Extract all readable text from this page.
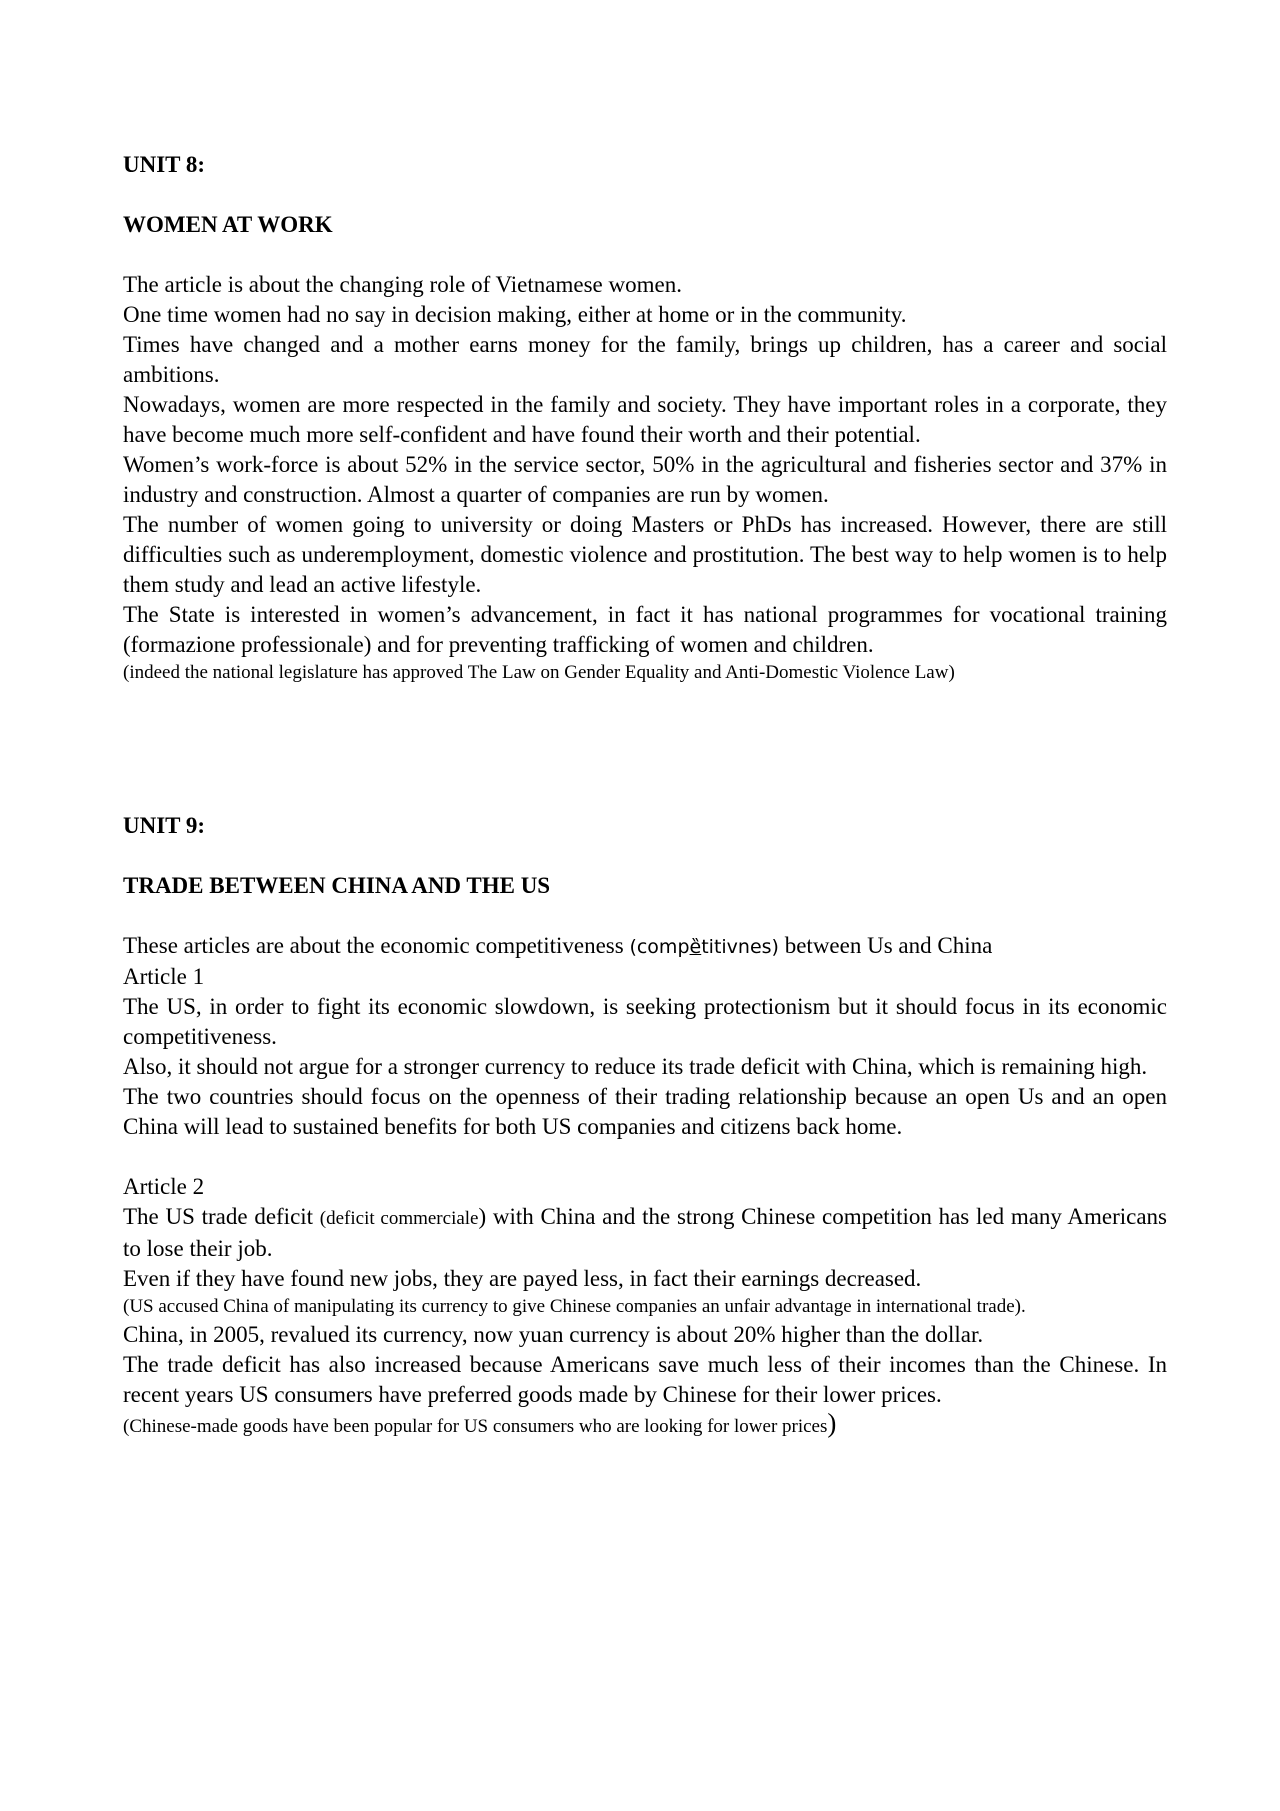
UNIT 8:

WOMEN AT WORK

The article is about the changing role of Vietnamese women.

One time women had no say in decision making, either at home or in the community.

Times have changed and a mother earns money for the family, brings up children, has a career and social ambitions.

Nowadays, women are more respected in the family and society. They have important roles in a corporate, they have become much more self-confident and have found their worth and their potential.

Women’s work-force is about 52% in the service sector, 50% in the agricultural and fisheries sector and 37% in industry and construction. Almost a quarter of companies are run by women.

The number of women going to university or doing Masters or PhDs has increased. However, there are still difficulties such as underemployment, domestic violence and prostitution. The best way to help women is to help them study and lead an active lifestyle.

The State is interested in women’s advancement, in fact it has national programmes for vocational training (formazione professionale) and for preventing trafficking of women and children.

(indeed the national legislature has approved The Law on Gender Equality and Anti-Domestic Violence Law)

UNIT 9:

TRADE BETWEEN CHINA AND THE US

These articles are about the economic competitiveness (compȅtitivnes) between Us and China

Article 1

The US, in order to fight its economic slowdown, is seeking protectionism but it should focus in its economic competitiveness.

Also, it should not argue for a stronger currency to reduce its trade deficit with China, which is remaining high.

The two countries should focus on the openness of their trading relationship because an open Us and an open China will lead to sustained benefits for both US companies and citizens back home.

Article 2

The US trade deficit (deficit commerciale) with China and the strong Chinese competition has led many Americans to lose their job.

Even if they have found new jobs, they are payed less, in fact their earnings decreased.

(US accused China of manipulating its currency to give Chinese companies an unfair advantage in international trade).

China, in 2005, revalued its currency, now yuan currency is about 20% higher than the dollar.

The trade deficit has also increased because Americans save much less of their incomes than the Chinese. In recent years US consumers have preferred goods made by Chinese for their lower prices.

(Chinese-made goods have been popular for US consumers who are looking for lower prices)
